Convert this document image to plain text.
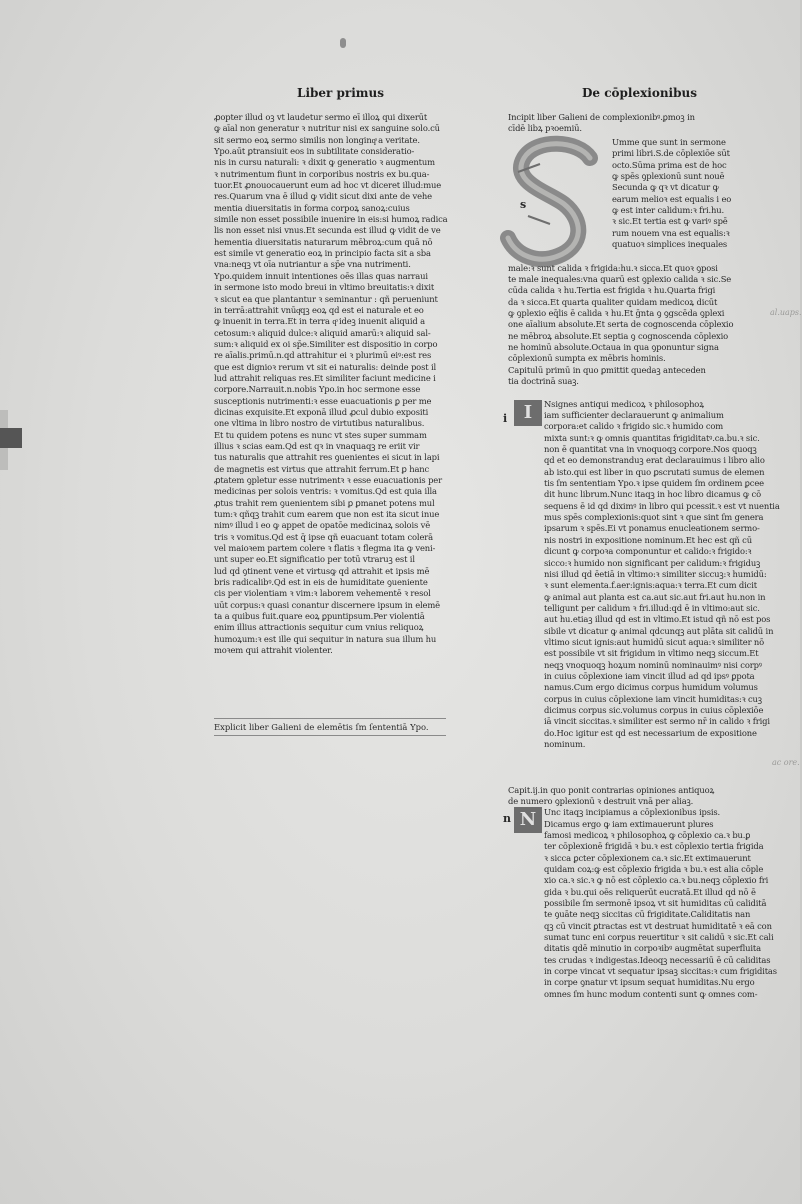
al.uaps.
ac ore.
Liber primus	De cōplexionibus

ꝓopter illud oꝫ vt laudetur sermo eī illoꝝ qui dixerūt

ꝙ aīal non generatur ꝛ nutritur nisi ex sanguine solo.cū

sit sermo eoꝝ sermo similis non longinqͦ a veritate.

Ypo.aūt ꝑtransiuit eos in subtilitate consideratio-

nis in cursu naturali: ꝛ dixit ꝙ generatio ꝛ augmentum

ꝛ nutrimentum fiunt in corporibus nostris ex bu.qua-

tuor.Et ꝓnouocauerunt eum ad hoc vt diceret illud:mue

res.Quarum vna ē illud ꝙ vidit sicut dixi ante de vehe

mentia diuersitatis in forma corpoꝝ sanoꝝ:cuius

simile non esset possibile inuenire in eis:si humoꝝ radica

lis non esset nisi vnus.Et secunda est illud ꝙ vidit de ve

hementia diuersitatis naturarum mēbroꝝ:cum quā nō

est simile vt generatio eoꝝ in principio facta sit a sba

vna:neqꝫ vt oīa nutriantur a sp̄e vna nutrimenti.

Ypo.quidem innuit intentiones oēs illas quas narraui

in sermone isto modo breui in vltimo breuitatis:ꝛ dixit

ꝛ sicut ea que plantantur ꝛ seminantur : qñ perueniunt

in terrā:attrahit vnūqͦqꝫ eoꝝ qd est ei naturale et eo

ꝙ inuenit in terra.Et in terra qͦ ideꝫ inuenit aliquid a

cetosum:ꝛ aliquid dulce:ꝛ aliquid amarū:ꝛ aliquid sal-

sum:ꝛ aliquid ex oi sp̄e.Similiter est dispositio in corpo

re aīalis.primū.n.qd attrahitur ei ꝛ plurimū eiꝰ:est res

que est dignioꝛ rerum vt sit ei naturalis: deinde post il

lud attrahit reliquas res.Et similiter faciunt medicine i

corpore.Narrauit.n.nobis Ypo.in hoc sermone esse

susceptionis nutrimenti:ꝛ esse euacuationis ꝑ per me

dicinas exquisite.Et exponā illud ꝓcul dubio expositi

one vltima in libro nostro de virtutibus naturalibus.

Et tu quidem potens es nunc vt stes super summam

illius ꝛ scias eam.Qd est qꝛ in vnaquaqꝫ re eriit vir

tus naturalis que attrahit res ꝯuenientes ei sicut in lapi

de magnetis est virtus que attrahit ferrum.Et ꝑ hanc

ꝓtatem ꝯpletur esse nutrimentꝛ ꝛ esse euacuationis per

medicinas per solois ventris: ꝛ vomitus.Qd est quia illa

ꝓtus trahit rem ꝯuenientem sibi ꝑ ꝑmanet potens mul

tum:ꝛ qñqꝫ trahit cum earem que non est ita sicut inue

nimꝰ illud i eo ꝙ appet de opatōe medicinaꝝ solois vē

tris ꝛ vomitus.Qd est q̄ ipse qñ euacuant totam colerā

vel maioꝛem partem colere ꝛ flatis ꝛ flegma ita ꝙ veni-

unt super eo.Et significatio per totū vtraruꝫ est il

lud qd ꝯtinent vene et virtusꝙ qd attrahit et ipsis mē

bris radicalibꝰ.Qd est in eis de humiditate ꝯueniente

cis per violentiam ꝛ vim:ꝛ laborem vehementē ꝛ resol

uūt corpus:ꝛ quasi conantur discernere ipsum in elemē

ta a quibus fuit.quare eoꝝ ꝑpuntipsum.Per violentiā

enim illius attractionis sequitur cum vnius reliquoꝝ

humoꝝum:ꝛ est ille qui sequitur in natura sua illum hu

moꝛem qui attrahit violenter.

Explicit liber Galieni de elemētis ſm ſententiā Ypo.

Incipit liber Galieni de complexionibꝰ.ꝑmoꝫ in

cīdē libꝝ pꝛoemiū.

s

Umme que sunt in sermone

primi libri.S.de cōplexiōe sūt

octo.Sūma prima est de hoc

ꝙ spēs ꝯplexionū sunt nouē

Secunda ꝙ qꝛ vt dicatur ꝙ

earum melioꝛ est equalis i eo

ꝙ est inter calidum:ꝛ fri.hu.

ꝛ sic.Et tertia est ꝙ variꝰ spē

rum nouem vna est equalis:ꝛ

quatuoꝛ simplices inequales

male:ꝛ sunt calida ꝛ frigida:hu.ꝛ sicca.Et quoꝛ ꝯposi

te male inequales:vna quarū est ꝯplexio calida ꝛ sic.Se

cūda calida ꝛ hu.Tertia est frigida ꝛ hu.Quarta frigi

da ꝛ sicca.Et quarta qualiter quidam medicoꝝ dicūt

ꝙ ꝯplexio eq̄lis ē calida ꝛ hu.Et ḡnta ꝯ ꝯgscēda ꝯplexi

one aīalium absolute.Et serta de cognoscenda cōplexio

ne mēbroꝝ absolute.Et septia ꝯ cognoscenda cōplexio

ne hominū absolute.Octaua in qua ꝯponuntur signa

cōplexionū sumpta ex mēbris hominis.

Capitulū primū in quo ꝑmittit quedaꝫ anteceden

tia doctrinā suaꝫ.

I
i

Nsignes antiqui medicoꝝ ꝛ philosophoꝝ

iam sufficienter declarauerunt ꝙ animalium

corpora:et calido ꝛ frigido sic.ꝛ humido com

mixta sunt:ꝛ ꝙ omnis quantitas frigiditatꝰ.ca.bu.ꝛ sic.

non ē quantitat vna in vnoquoqꝫ corpore.Nos quoqꝫ

qd et eo demonstranduꝫ erat declarauimus i libro alio

ab isto.qui est liber in quo ꝑscrutati sumus de elemen

tis ſm sententiam Ypo.ꝛ ipse quidem ſm ordinem ꝑcee

dit hunc librum.Nunc itaqꝫ in hoc libro dicamus ꝙ cō

sequens ē id qd diximꝰ in libro qui pcessit.ꝛ est vt nuentia

mus spēs complexionis:quot sint ꝛ que sint ſm genera

ipsarum ꝛ spēs.Ei vt ponamus enucleationem sermo-

nis nostri in expositione nominum.Et hec est qñ cū

dicunt ꝙ corpoꝛa componuntur et calido:ꝛ frigido:ꝛ

sicco:ꝛ humido non significant per calidum:ꝛ frigiduꝫ

nisi illud qd ēetiā in vltimo:ꝛ similiter siccuꝫ:ꝛ humidū:

ꝛ sunt elementa.f.aer:ignis:aqua:ꝛ terra.Et cum dicit

ꝙ animal aut planta est ca.aut sic.aut fri.aut hu.non in

telligunt per calidum ꝛ fri.illud:qd ē in vltimo:aut sic.

aut hu.etiaꝫ illud qd est in vltimo.Et istud qñ nō est pos

sibile vt dicatur ꝙ animal qdcunqꝫ aut plāta sit calidū in

vltimo sicut ignis:aut humidū sicut aqua:ꝛ similiter nō

est possibile vt sit frigidum in vltimo neqꝫ siccum.Et

neqꝫ vnoquoqꝫ hoꝝum nominū nominauimꝰ nisi corpꝰ

in cuius cōplexione iam vincit illud ad qd ipsꝰ ꝑpota

namus.Cum ergo dicimus corpus humidum volumus

corpus in cuius cōplexione iam vincit humiditas:ꝛ cuꝫ

dicimus corpus sic.volumus corpus in cuius cōplexiōe

iā vincit siccitas.ꝛ similiter est sermo nr̄ in calido ꝛ frigi

do.Hoc igitur est qd est necessarium de expositione

nominum.

Capit.ij.in quo ponit contrarias opiniones antiquoꝝ

de numero ꝯplexionū ꝛ destruit vnā per aliaꝫ.

N
n	Unc itaqꝫ incipiamus a cōplexionibus ipsis.

Dicamus ergo ꝙ iam extimauerunt plures

famosi medicoꝝ ꝛ philosophoꝝ ꝙ cōplexio ca.ꝛ bu.ꝑ

ter cōplexionē frigidā ꝛ bu.ꝛ est cōplexio tertia frigida

ꝛ sicca ꝑcter cōplexionem ca.ꝛ sic.Et extimauerunt

quidam coꝝ:ꝙ est cōplexio frigida ꝛ bu.ꝛ est alia cōple

xio ca.ꝛ sic.ꝛ ꝙ nō est cōplexio ca.ꝛ bu.neqꝫ cōplexio fri

gida ꝛ bu.qui oēs reliquerūt eucratā.Et illud qd nō ē

possibile ſm sermonē ipsoꝝ vt sit humiditas cū caliditā

te ꝯuāte neqꝫ siccitas cū frigiditate.Caliditatis nan

qꝫ cū vincit ꝑtractas est vt destruat humiditatē ꝛ eā con

sumat tunc eni corpus reuertitur ꝛ sit calidū ꝛ sic.Et cali

ditatis qdē minutio in corpoꝛibꝰ augmētat superfluita

tes crudas ꝛ indigestas.Ideoqꝫ necessariū ē cū caliditas

in corpe vincat vt sequatur ipsaꝫ siccitas:ꝛ cum frigiditas

in corpe ꝯnatur vt ipsum sequat humiditas.Nu ergo

omnes ſm hunc modum contenti sunt ꝙ omnes com-
